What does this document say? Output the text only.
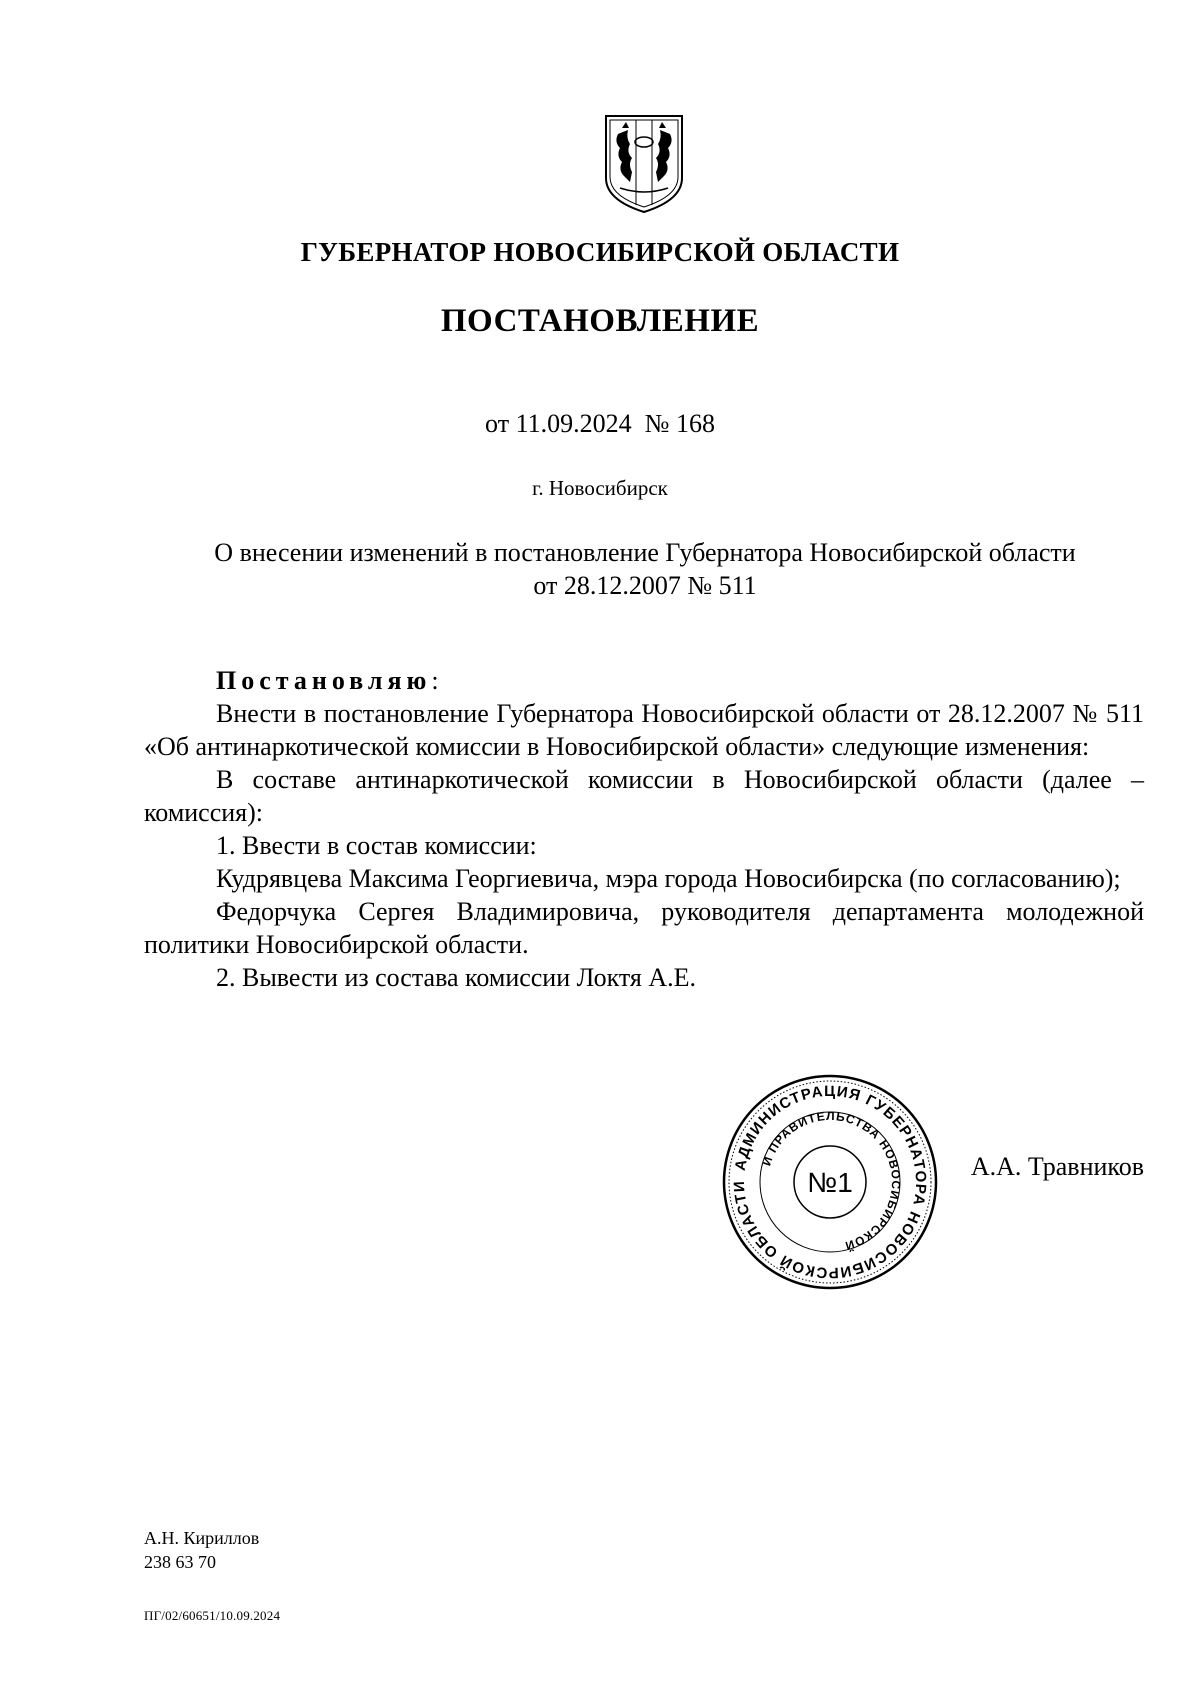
ГУБЕРНАТОР НОВОСИБИРСКОЙ ОБЛАСТИ
ПОСТАНОВЛЕНИЕ
от 11.09.2024 № 168
г. Новосибирск
О внесении изменений в постановление Губернатора Новосибирской области
от 28.12.2007 № 511

Постановляю:

Внести в постановление Губернатора Новосибирской области от 28.12.2007 № 511 «Об антинаркотической комиссии в Новосибирской области» следующие изменения:

В составе антинаркотической комиссии в Новосибирской области (далее – комиссия):

1. Ввести в состав комиссии:

Кудрявцева Максима Георгиевича, мэра города Новосибирска (по согласованию);

Федорчука Сергея Владимировича, руководителя департамента молодежной политики Новосибирской области.

2. Вывести из состава комиссии Локтя А.Е.

АДМИНИСТРАЦИЯ ГУБЕРНАТОРА НОВОСИБИРСКОЙ ОБЛАСТИ
И ПРАВИТЕЛЬСТВА НОВОСИБИРСКОЙ
№1
А.А. Травников
А.Н. Кириллов
238 63 70
ПГ/02/60651/10.09.2024
